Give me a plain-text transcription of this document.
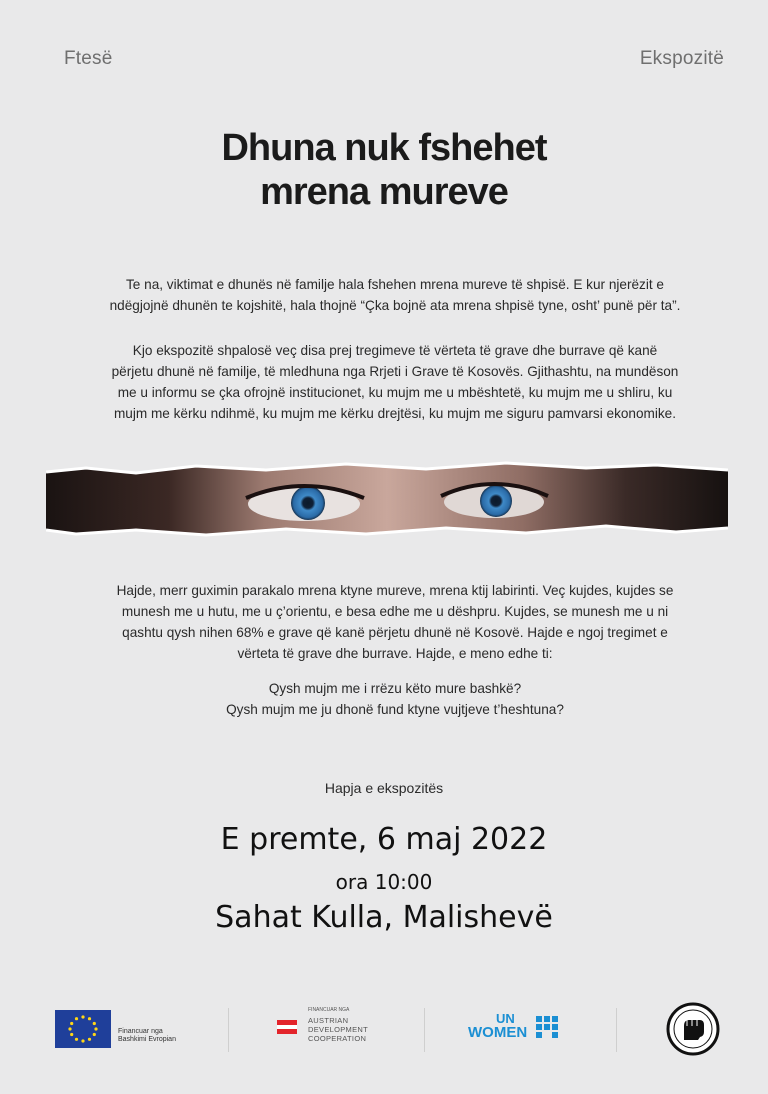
Ftesë	Ekspozitë
Dhuna nuk fshehet
mrena mureve
Te na, viktimat e dhunës në familje hala fshehen mrena mureve të shpisë. E kur njerëzit e
ndëgjojnë dhunën te kojshitë, hala thojnë “Çka bojnë ata mrena shpisë tyne, osht’ punë për ta”.
Kjo ekspozitë shpalosë veç disa prej tregimeve të vërteta të grave dhe burrave që kanë
përjetu dhunë në familje, të mledhuna nga Rrjeti i Grave të Kosovës. Gjithashtu, na mundëson
me u informu se çka ofrojnë institucionet, ku mujm me u mbështetë, ku mujm me u shliru, ku
mujm me kërku ndihmë, ku mujm me kërku drejtësi, ku mujm me siguru pamvarsi ekonomike.
Hajde, merr guximin parakalo mrena ktyne mureve, mrena ktij labirinti. Veç kujdes, kujdes se
munesh me u hutu, me u ç’orientu, e besa edhe me u dëshpru. Kujdes, se munesh me u ni
qashtu qysh nihen 68% e grave që kanë përjetu dhunë në Kosovë. Hajde e ngoj tregimet e
vërteta të grave dhe burrave. Hajde, e meno edhe ti:
Qysh mujm me i rrëzu këto mure bashkë?
Qysh mujm me ju dhonë fund ktyne vujtjeve t’heshtuna?
Hapja e ekspozitës
E premte, 6 maj 2022
ora 10:00
Sahat Kulla, Malishevë
Financuar nga
Bashkimi Evropian
FINANCUAR NGA
AUSTRIAN
DEVELOPMENT
COOPERATION
UN
WOMEN
